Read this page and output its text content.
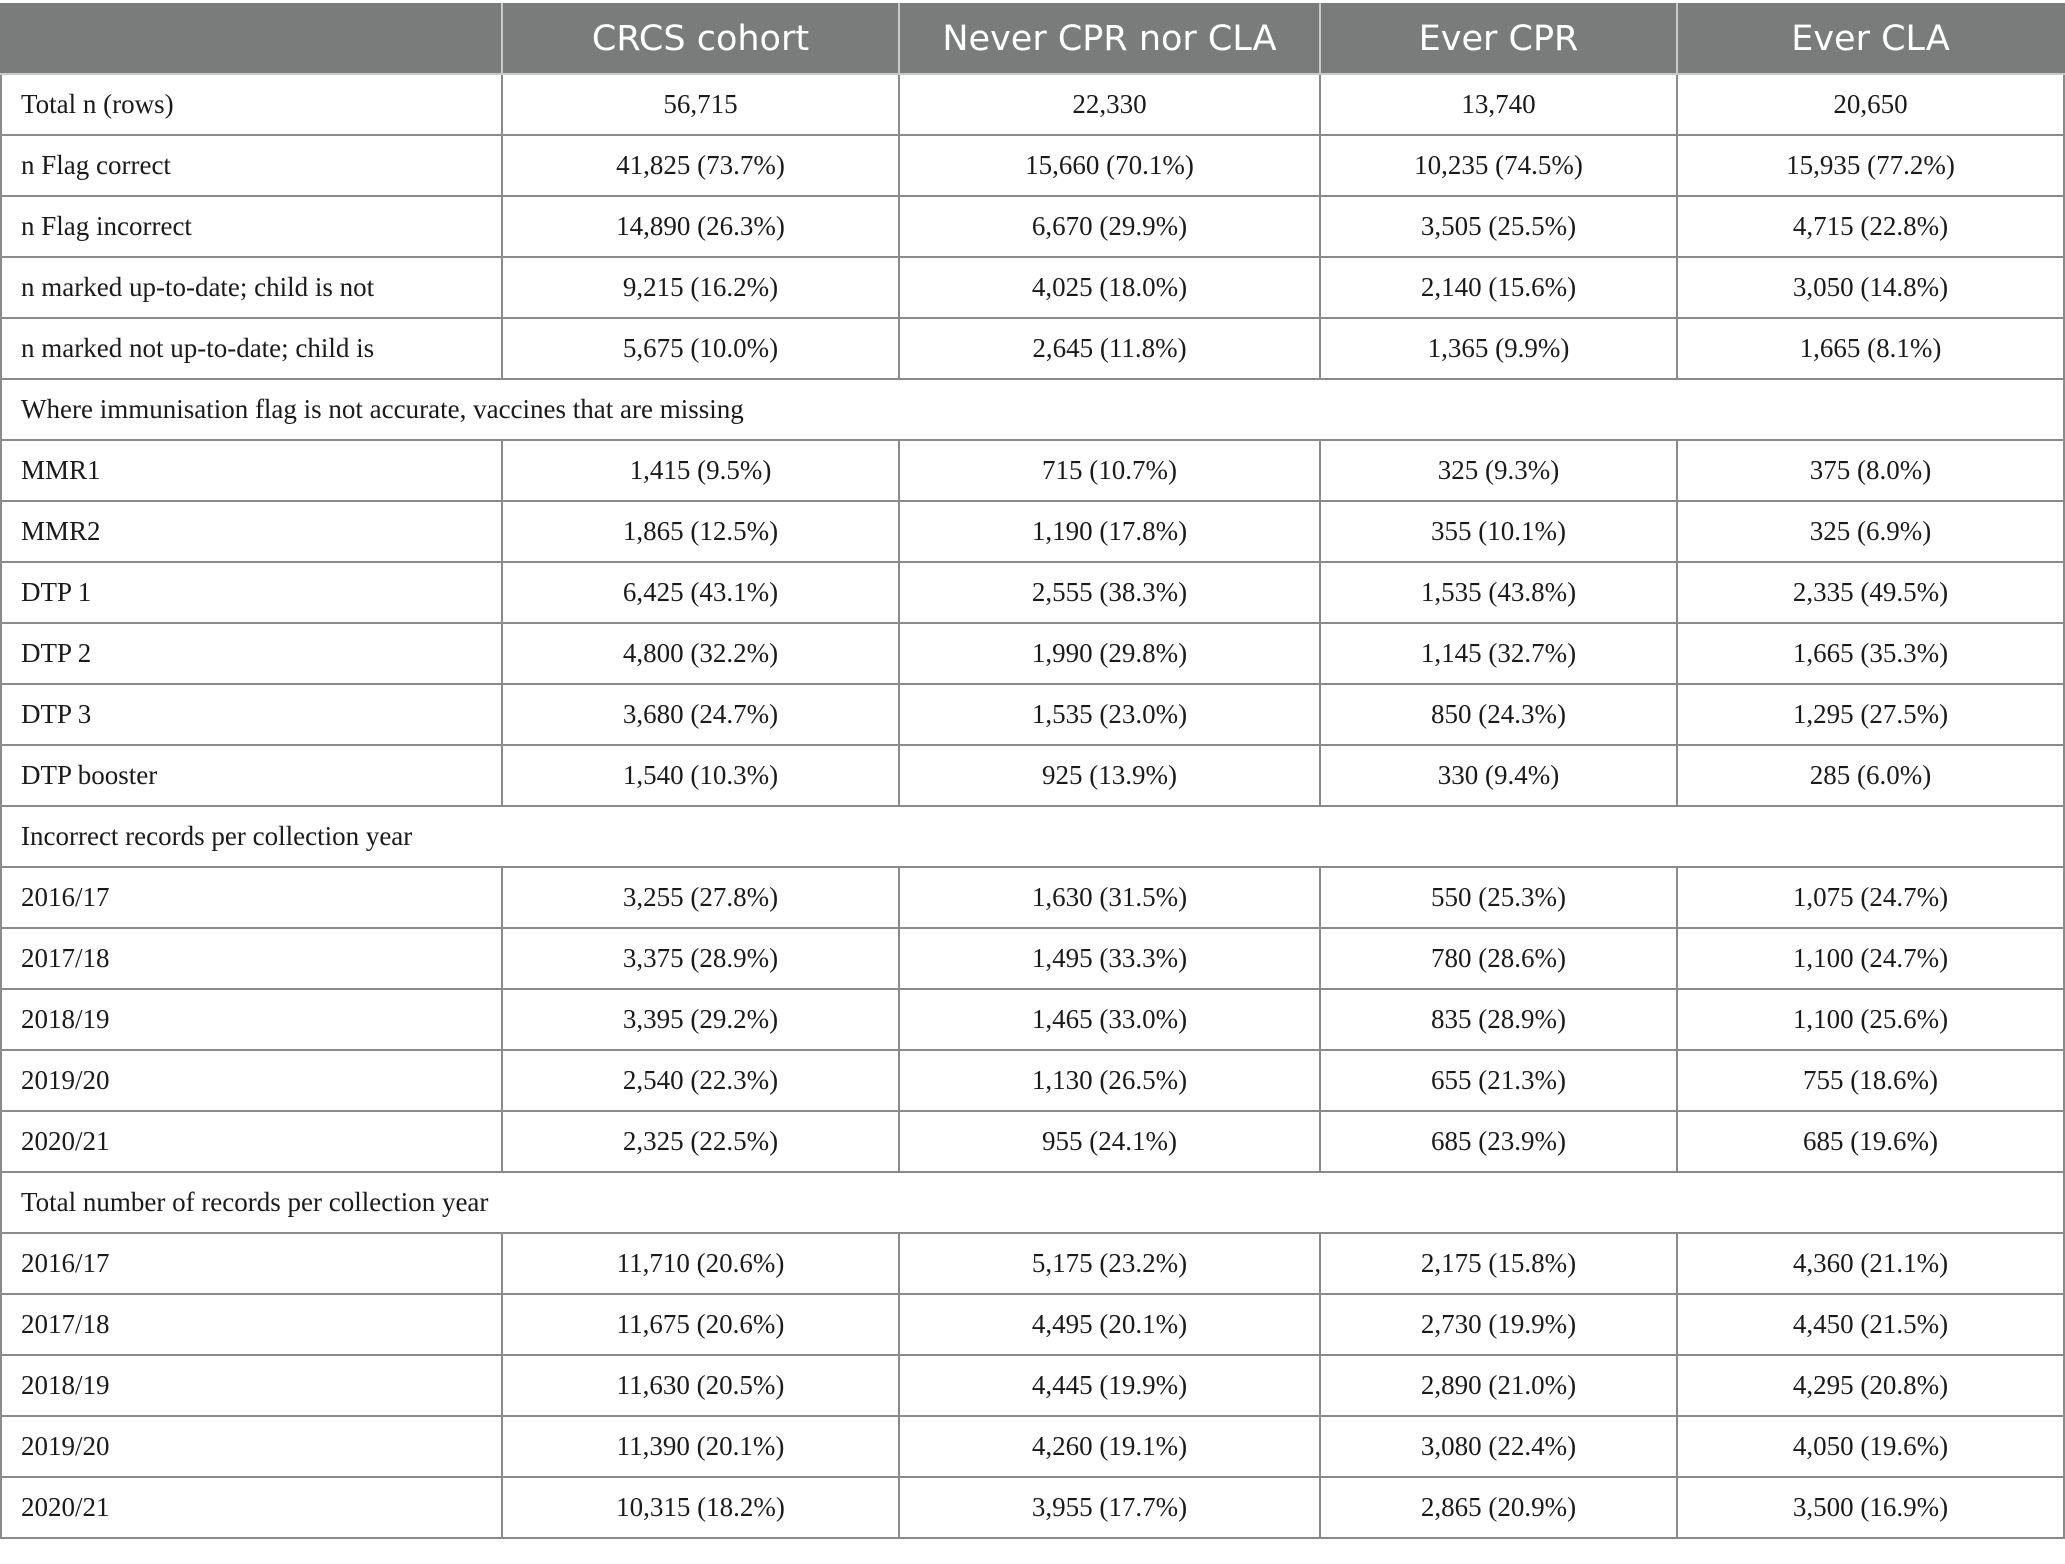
	CRCS cohort	Never CPR nor CLA	Ever CPR	Ever CLA
Total n (rows)	56,715	22,330	13,740	20,650
n Flag correct	41,825 (73.7%)	15,660 (70.1%)	10,235 (74.5%)	15,935 (77.2%)
n Flag incorrect	14,890 (26.3%)	6,670 (29.9%)	3,505 (25.5%)	4,715 (22.8%)
n marked up-to-date; child is not	9,215 (16.2%)	4,025 (18.0%)	2,140 (15.6%)	3,050 (14.8%)
n marked not up-to-date; child is	5,675 (10.0%)	2,645 (11.8%)	1,365 (9.9%)	1,665 (8.1%)
Where immunisation flag is not accurate, vaccines that are missing				
MMR1	1,415 (9.5%)	715 (10.7%)	325 (9.3%)	375 (8.0%)
MMR2	1,865 (12.5%)	1,190 (17.8%)	355 (10.1%)	325 (6.9%)
DTP 1	6,425 (43.1%)	2,555 (38.3%)	1,535 (43.8%)	2,335 (49.5%)
DTP 2	4,800 (32.2%)	1,990 (29.8%)	1,145 (32.7%)	1,665 (35.3%)
DTP 3	3,680 (24.7%)	1,535 (23.0%)	850 (24.3%)	1,295 (27.5%)
DTP booster	1,540 (10.3%)	925 (13.9%)	330 (9.4%)	285 (6.0%)
Incorrect records per collection year				
2016/17	3,255 (27.8%)	1,630 (31.5%)	550 (25.3%)	1,075 (24.7%)
2017/18	3,375 (28.9%)	1,495 (33.3%)	780 (28.6%)	1,100 (24.7%)
2018/19	3,395 (29.2%)	1,465 (33.0%)	835 (28.9%)	1,100 (25.6%)
2019/20	2,540 (22.3%)	1,130 (26.5%)	655 (21.3%)	755 (18.6%)
2020/21	2,325 (22.5%)	955 (24.1%)	685 (23.9%)	685 (19.6%)
Total number of records per collection year				
2016/17	11,710 (20.6%)	5,175 (23.2%)	2,175 (15.8%)	4,360 (21.1%)
2017/18	11,675 (20.6%)	4,495 (20.1%)	2,730 (19.9%)	4,450 (21.5%)
2018/19	11,630 (20.5%)	4,445 (19.9%)	2,890 (21.0%)	4,295 (20.8%)
2019/20	11,390 (20.1%)	4,260 (19.1%)	3,080 (22.4%)	4,050 (19.6%)
2020/21	10,315 (18.2%)	3,955 (17.7%)	2,865 (20.9%)	3,500 (16.9%)
